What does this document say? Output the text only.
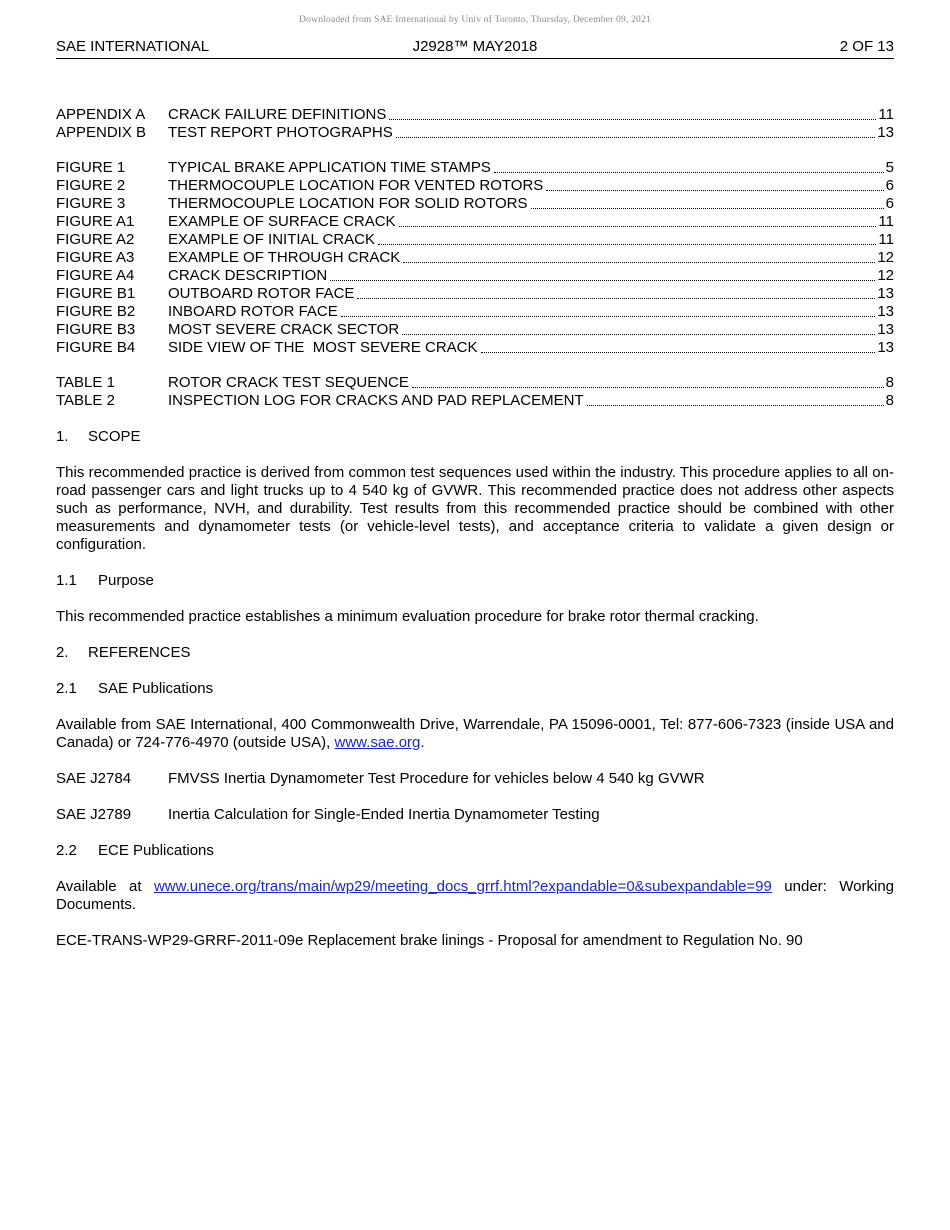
Downloaded from SAE International by Univ of Toronto, Thursday, December 09, 2021
SAE INTERNATIONAL	J2928™ MAY2018	2 OF 13
APPENDIX A	CRACK FAILURE DEFINITIONS	11
APPENDIX B	TEST REPORT PHOTOGRAPHS	13
FIGURE 1	TYPICAL BRAKE APPLICATION TIME STAMPS	5
FIGURE 2	THERMOCOUPLE LOCATION FOR VENTED ROTORS	6
FIGURE 3	THERMOCOUPLE LOCATION FOR SOLID ROTORS	6
FIGURE A1	EXAMPLE OF SURFACE CRACK	11
FIGURE A2	EXAMPLE OF INITIAL CRACK	11
FIGURE A3	EXAMPLE OF THROUGH CRACK	12
FIGURE A4	CRACK DESCRIPTION	12
FIGURE B1	OUTBOARD ROTOR FACE	13
FIGURE B2	INBOARD ROTOR FACE	13
FIGURE B3	MOST SEVERE CRACK SECTOR	13
FIGURE B4	SIDE VIEW OF THE  MOST SEVERE CRACK	13
TABLE 1	ROTOR CRACK TEST SEQUENCE	8
TABLE 2	INSPECTION LOG FOR CRACKS AND PAD REPLACEMENT	8
1. SCOPE
This recommended practice is derived from common test sequences used within the industry. This procedure applies to all on-road passenger cars and light trucks up to 4 540 kg of GVWR. This recommended practice does not address other aspects such as performance, NVH, and durability. Test results from this recommended practice should be combined with other measurements and dynamometer tests (or vehicle-level tests), and acceptance criteria to validate a given design or configuration.
1.1 Purpose
This recommended practice establishes a minimum evaluation procedure for brake rotor thermal cracking.
2. REFERENCES
2.1 SAE Publications
Available from SAE International, 400 Commonwealth Drive, Warrendale, PA 15096-0001, Tel: 877-606-7323 (inside USA and Canada) or 724-776-4970 (outside USA), www.sae.org.
SAE J2784	FMVSS Inertia Dynamometer Test Procedure for vehicles below 4 540 kg GVWR
SAE J2789	Inertia Calculation for Single-Ended Inertia Dynamometer Testing
2.2 ECE Publications
Available at www.unece.org/trans/main/wp29/meeting_docs_grrf.html?expandable=0&subexpandable=99 under: Working Documents.
ECE-TRANS-WP29-GRRF-2011-09e Replacement brake linings - Proposal for amendment to Regulation No. 90
